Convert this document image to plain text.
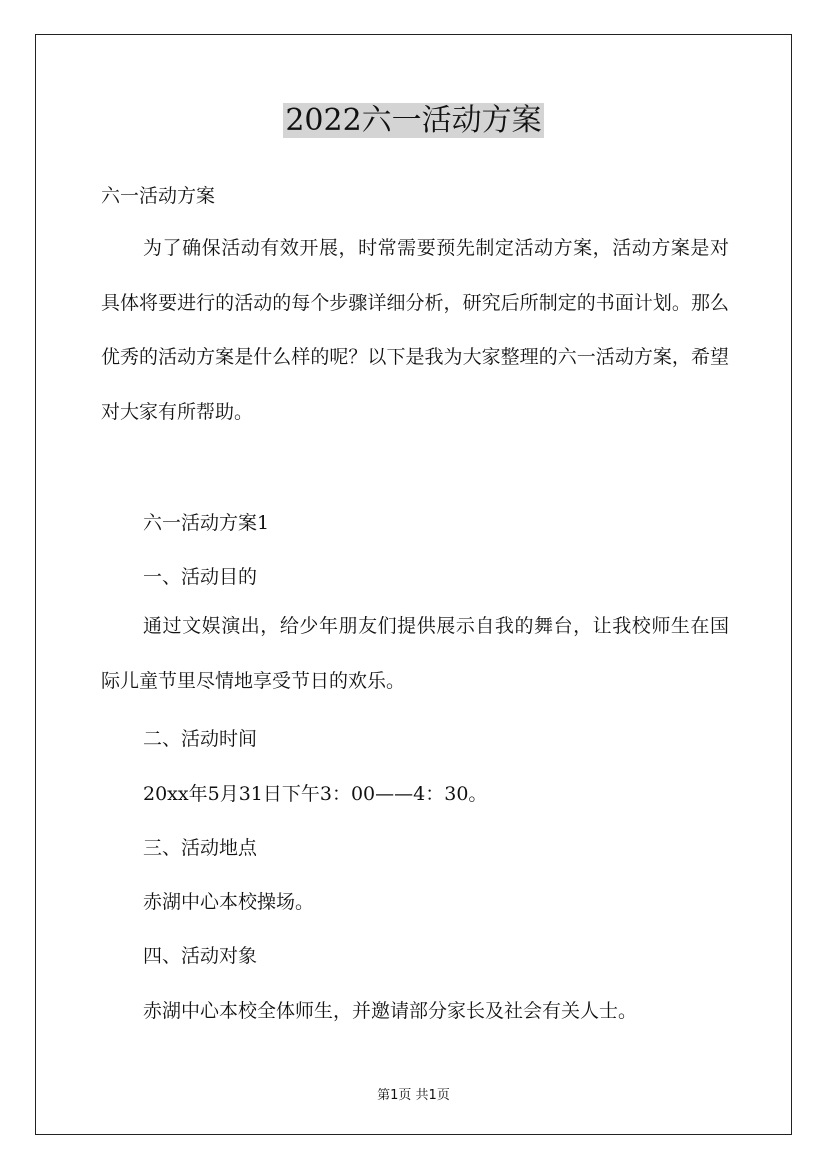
2022六一活动方案

六一活动方案

为了确保活动有效开展，时常需要预先制定活动方案，活动方案是对具体将要进行的活动的每个步骤详细分析，研究后所制定的书面计划。那么优秀的活动方案是什么样的呢？以下是我为大家整理的六一活动方案，希望对大家有所帮助。

六一活动方案1

一、活动目的

通过文娱演出，给少年朋友们提供展示自我的舞台，让我校师生在国际儿童节里尽情地享受节日的欢乐。

二、活动时间

20xx年5月31日下午3：00——4：30。

三、活动地点

赤湖中心本校操场。

四、活动对象

赤湖中心本校全体师生，并邀请部分家长及社会有关人士。

第1页 共1页
